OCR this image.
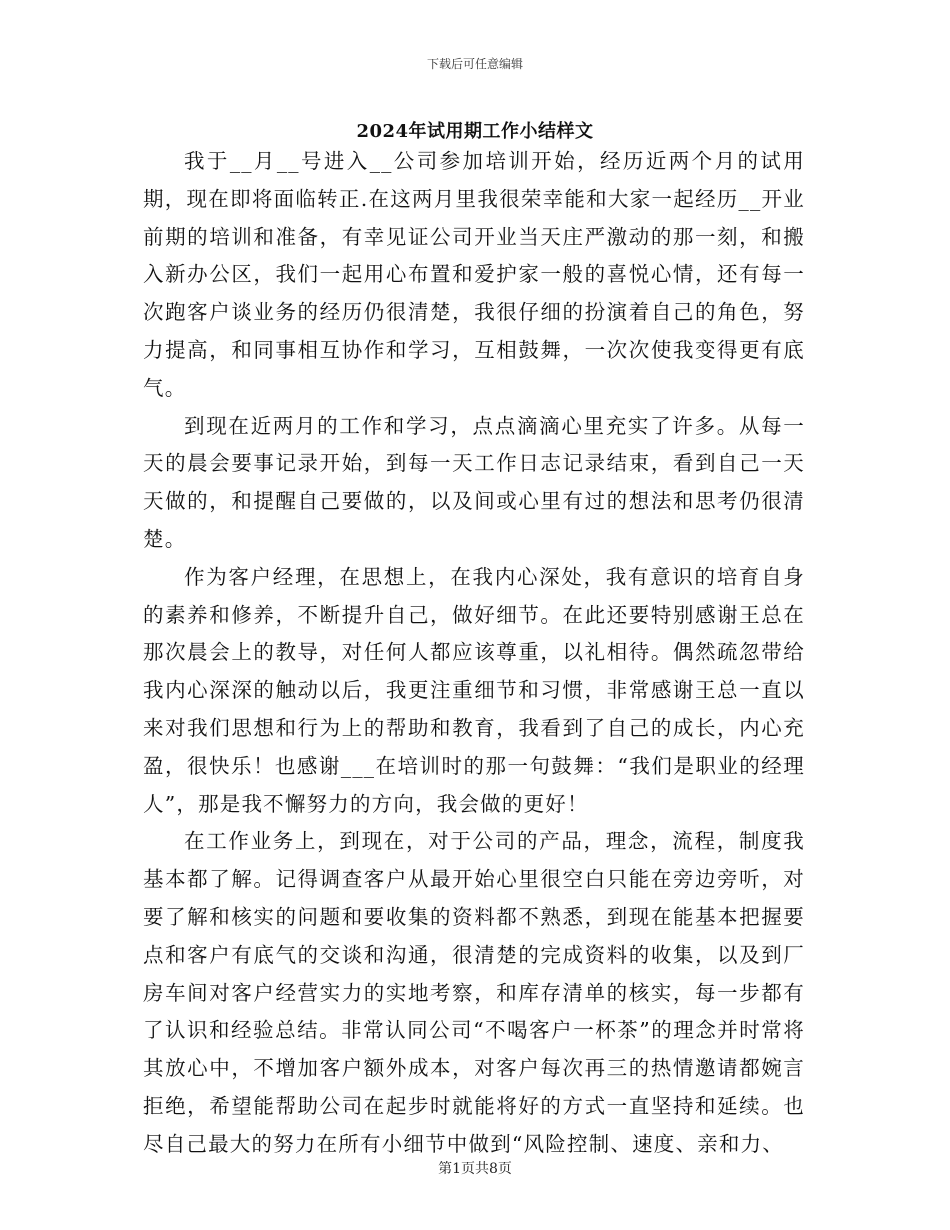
下载后可任意编辑
2024年试用期工作小结样文

我于__月__号进入__公司参加培训开始，经历近两个月的试用期，现在即将面临转正.在这两月里我很荣幸能和大家一起经历__开业前期的培训和准备，有幸见证公司开业当天庄严激动的那一刻，和搬入新办公区，我们一起用心布置和爱护家一般的喜悦心情，还有每一次跑客户谈业务的经历仍很清楚，我很仔细的扮演着自己的角色，努力提高，和同事相互协作和学习，互相鼓舞，一次次使我变得更有底气。

到现在近两月的工作和学习，点点滴滴心里充实了许多。从每一天的晨会要事记录开始，到每一天工作日志记录结束，看到自己一天天做的，和提醒自己要做的，以及间或心里有过的想法和思考仍很清楚。

作为客户经理，在思想上，在我内心深处，我有意识的培育自身的素养和修养，不断提升自己，做好细节。在此还要特别感谢王总在那次晨会上的教导，对任何人都应该尊重，以礼相待。偶然疏忽带给我内心深深的触动以后，我更注重细节和习惯，非常感谢王总一直以来对我们思想和行为上的帮助和教育，我看到了自己的成长，内心充盈，很快乐！也感谢___在培训时的那一句鼓舞：“我们是职业的经理人”，那是我不懈努力的方向，我会做的更好！

在工作业务上，到现在，对于公司的产品，理念，流程，制度我基本都了解。记得调查客户从最开始心里很空白只能在旁边旁听，对要了解和核实的问题和要收集的资料都不熟悉，到现在能基本把握要点和客户有底气的交谈和沟通，很清楚的完成资料的收集，以及到厂房车间对客户经营实力的实地考察，和库存清单的核实，每一步都有了认识和经验总结。非常认同公司“不喝客户一杯茶”的理念并时常将其放心中，不增加客户额外成本，对客户每次再三的热情邀请都婉言拒绝，希望能帮助公司在起步时就能将好的方式一直坚持和延续。也尽自己最大的努力在所有小细节中做到“风险控制、速度、亲和力、

第1页共8页
